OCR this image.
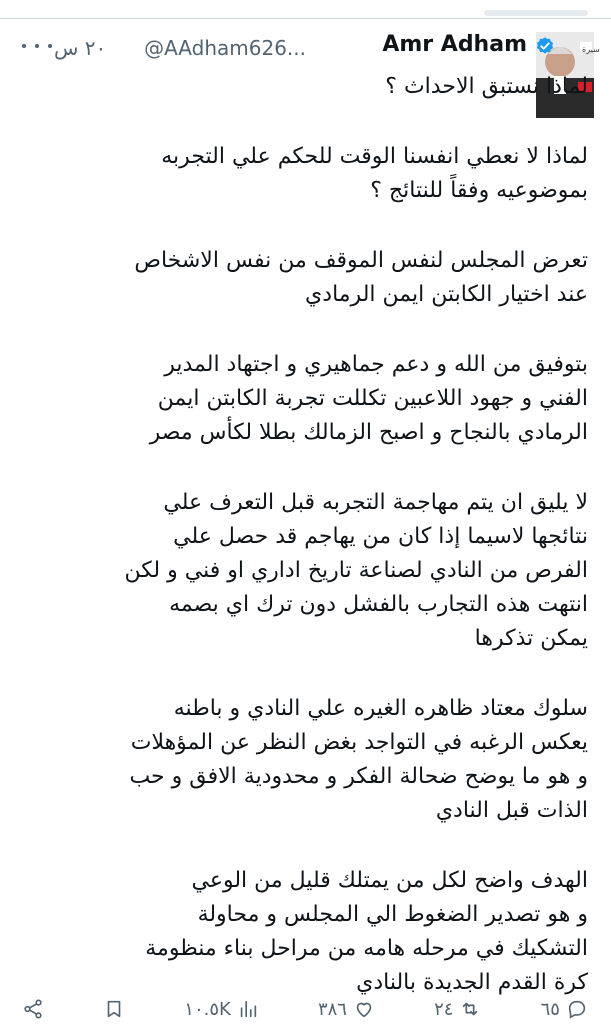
سيرة
Amr Adham
@AAdham626...
٢٠ س

لماذا نستبق الاحداث ؟

لماذا لا نعطي انفسنا الوقت للحكم علي التجربه
بموضوعيه وفقاً للنتائج ؟

تعرض المجلس لنفس الموقف من نفس الاشخاص
عند اختيار الكابتن ايمن الرمادي

بتوفيق من الله و دعم جماهيري و اجتهاد المدير
الفني و جهود اللاعبين تكللت تجربة الكابتن ايمن
الرمادي بالنجاح و اصبح الزمالك بطلا لكأس مصر

لا يليق ان يتم مهاجمة التجربه قبل التعرف علي
نتائجها لاسيما إذا كان من يهاجم قد حصل علي
الفرص من النادي لصناعة تاريخ اداري او فني و لكن
انتهت هذه التجارب بالفشل دون ترك اي بصمه
يمكن تذكرها

سلوك معتاد ظاهره الغيره علي النادي و باطنه
يعكس الرغبه في التواجد بغض النظر عن المؤهلات
و هو ما يوضح ضحالة الفكر و محدودية الافق و حب
الذات قبل النادي

الهدف واضح لكل من يمتلك قليل من الوعي
و هو تصدير الضغوط الي المجلس و محاولة
التشكيك في مرحله هامه من مراحل بناء منظومة
كرة القدم الجديدة بالنادي

٦٥
٢٤
٣٨٦
١٠.٥K
